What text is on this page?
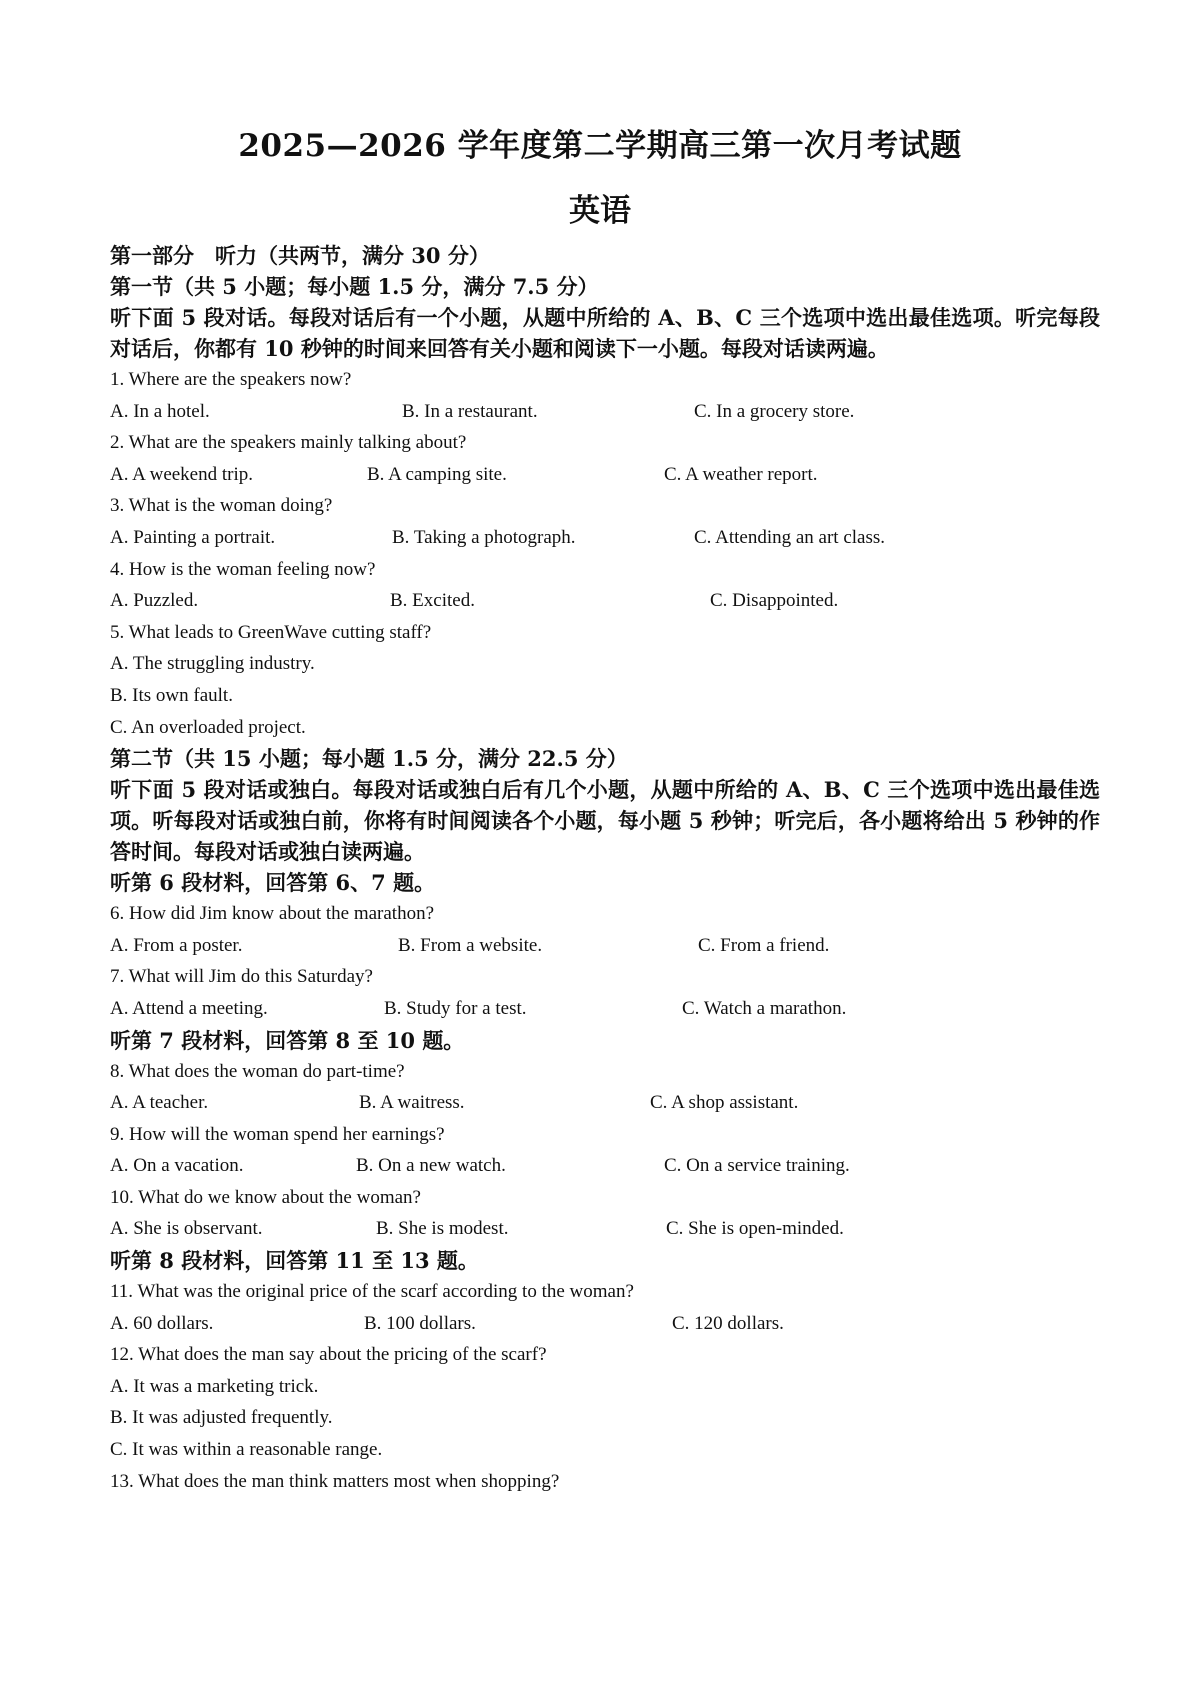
2025—2026 学年度第二学期高三第一次月考试题
英语
第一部分　听力（共两节，满分 30 分）
第一节（共 5 小题；每小题 1.5 分，满分 7.5 分）
听下面 5 段对话。每段对话后有一个小题，从题中所给的 A、B、C 三个选项中选出最佳选项。听完每段对话后，你都有 10 秒钟的时间来回答有关小题和阅读下一小题。每段对话读两遍。
1. Where are the speakers now?
A. In a hotel.	B. In a restaurant.	C. In a grocery store.
2. What are the speakers mainly talking about?
A. A weekend trip.	B. A camping site.	C. A weather report.
3. What is the woman doing?
A. Painting a portrait.	B. Taking a photograph.	C. Attending an art class.
4. How is the woman feeling now?
A. Puzzled.	B. Excited.	C. Disappointed.
5. What leads to GreenWave cutting staff?
A. The struggling industry.
B. Its own fault.
C. An overloaded project.
第二节（共 15 小题；每小题 1.5 分，满分 22.5 分）
听下面 5 段对话或独白。每段对话或独白后有几个小题，从题中所给的 A、B、C 三个选项中选出最佳选项。听每段对话或独白前，你将有时间阅读各个小题，每小题 5 秒钟；听完后，各小题将给出 5 秒钟的作答时间。每段对话或独白读两遍。
听第 6 段材料，回答第 6、7 题。
6. How did Jim know about the marathon?
A. From a poster.	B. From a website.	C. From a friend.
7. What will Jim do this Saturday?
A. Attend a meeting.	B. Study for a test.	C. Watch a marathon.
听第 7 段材料，回答第 8 至 10 题。
8. What does the woman do part-time?
A. A teacher.	B. A waitress.	C. A shop assistant.
9. How will the woman spend her earnings?
A. On a vacation.	B. On a new watch.	C. On a service training.
10. What do we know about the woman?
A. She is observant.	B. She is modest.	C. She is open-minded.
听第 8 段材料，回答第 11 至 13 题。
11. What was the original price of the scarf according to the woman?
A. 60 dollars.	B. 100 dollars.	C. 120 dollars.
12. What does the man say about the pricing of the scarf?
A. It was a marketing trick.
B. It was adjusted frequently.
C. It was within a reasonable range.
13. What does the man think matters most when shopping?
